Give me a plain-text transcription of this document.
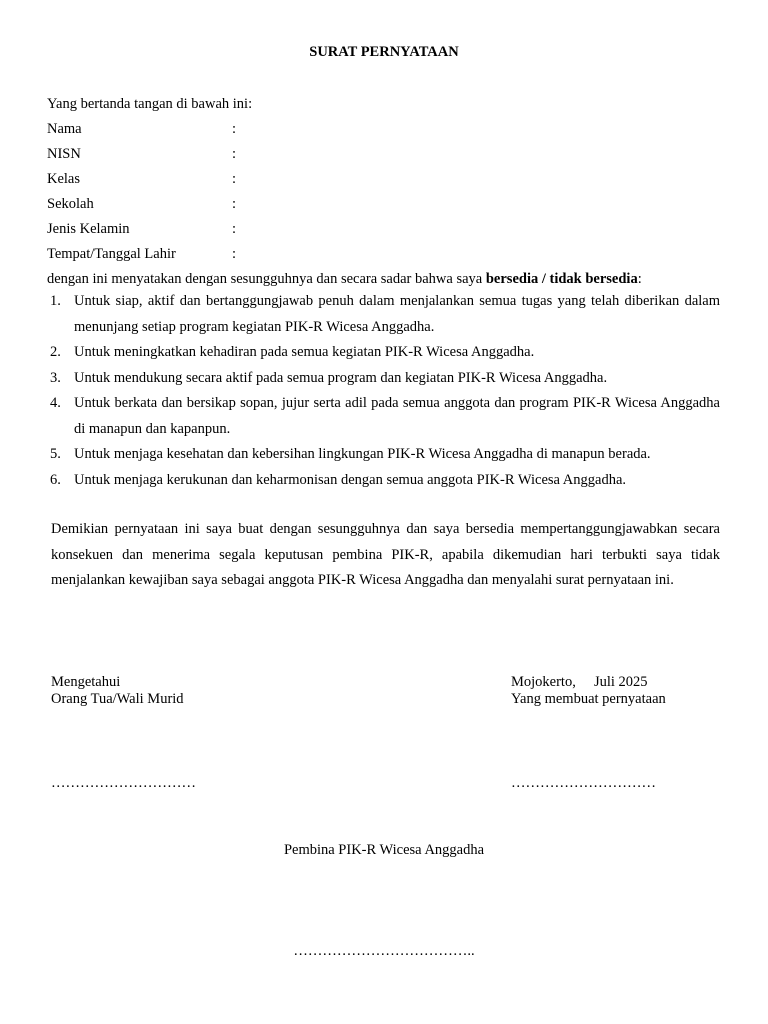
SURAT PERNYATAAN
Yang bertanda tangan di bawah ini:
Nama	:
NISN	:
Kelas	:
Sekolah	:
Jenis Kelamin	:
Tempat/Tanggal Lahir	:
dengan ini menyatakan dengan sesungguhnya dan secara sadar bahwa saya bersedia / tidak bersedia:
1. Untuk siap, aktif dan bertanggungjawab penuh dalam menjalankan semua tugas yang telah diberikan dalam menunjang setiap program kegiatan PIK-R Wicesa Anggadha.
2. Untuk meningkatkan kehadiran pada semua kegiatan PIK-R Wicesa Anggadha.
3. Untuk mendukung secara aktif pada semua program dan kegiatan PIK-R Wicesa Anggadha.
4. Untuk berkata dan bersikap sopan, jujur serta adil pada semua anggota dan program PIK-R Wicesa Anggadha di manapun dan kapanpun.
5. Untuk menjaga kesehatan dan kebersihan lingkungan PIK-R Wicesa Anggadha di manapun berada.
6. Untuk menjaga kerukunan dan keharmonisan dengan semua anggota PIK-R Wicesa Anggadha.
Demikian pernyataan ini saya buat dengan sesungguhnya dan saya bersedia mempertanggungjawabkan secara konsekuen dan menerima segala keputusan pembina PIK-R, apabila dikemudian hari terbukti saya tidak menjalankan kewajiban saya sebagai anggota PIK-R Wicesa Anggadha dan menyalahi surat pernyataan ini.
Mengetahui
Orang Tua/Wali Murid
Mojokerto,     Juli 2025
Yang membuat pernyataan
…………………………	…………………………
Pembina PIK-R Wicesa Anggadha
………………………………..
